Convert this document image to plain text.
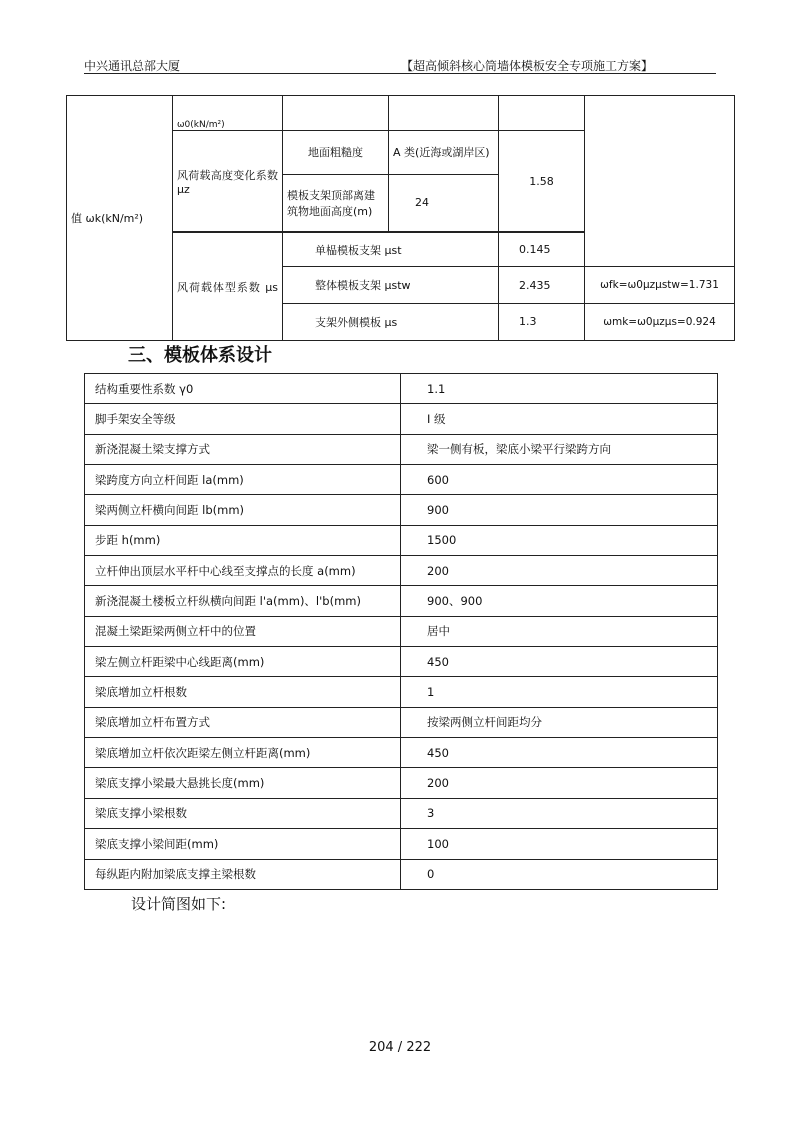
中兴通讯总部大厦	【超高倾斜核心筒墙体模板安全专项施工方案】
值 ωk(kN/m²)	ω0(kN/m²)				
	风荷载高度变化系数 μz	地面粗糙度	A 类(近海或湖岸区)	1.58	
		模板支架顶部离建筑物地面高度(m)	24		

	风荷载体型系数 μs	单榀模板支架 μst		0.145	
		整体模板支架 μstw		2.435	ωfk=ω0μzμstw=1.731
		支架外侧模板 μs		1.3	ωmk=ω0μzμs=0.924
三、模板体系设计
结构重要性系数 γ0	1.1
脚手架安全等级	I 级
新浇混凝土梁支撑方式	梁一侧有板，梁底小梁平行梁跨方向
梁跨度方向立杆间距 la(mm)	600
梁两侧立杆横向间距 lb(mm)	900
步距 h(mm)	1500
立杆伸出顶层水平杆中心线至支撑点的长度 a(mm)	200
新浇混凝土楼板立杆纵横向间距 l'a(mm)、l'b(mm)	900、900
混凝土梁距梁两侧立杆中的位置	居中
梁左侧立杆距梁中心线距离(mm)	450
梁底增加立杆根数	1
梁底增加立杆布置方式	按梁两侧立杆间距均分
梁底增加立杆依次距梁左侧立杆距离(mm)	450
梁底支撑小梁最大悬挑长度(mm)	200
梁底支撑小梁根数	3
梁底支撑小梁间距(mm)	100
每纵距内附加梁底支撑主梁根数	0
设计简图如下:
204 / 222
